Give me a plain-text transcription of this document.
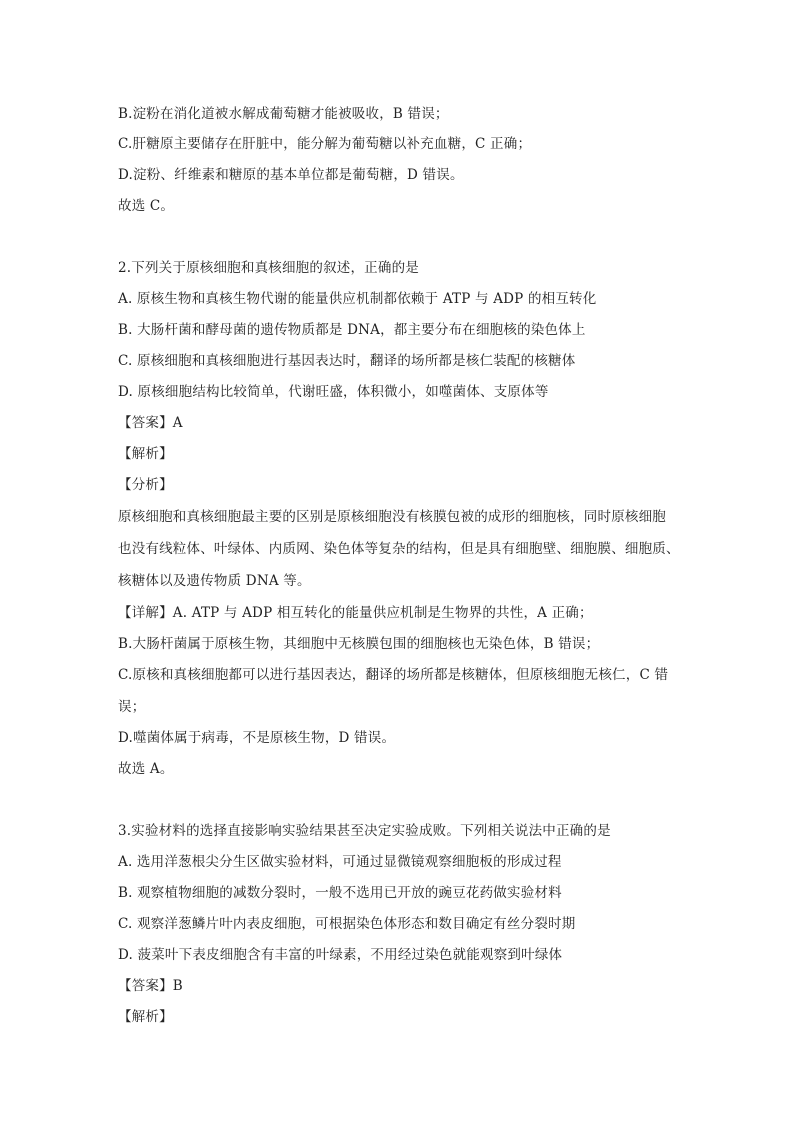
B.淀粉在消化道被水解成葡萄糖才能被吸收，B 错误；
C.肝糖原主要储存在肝脏中，能分解为葡萄糖以补充血糖，C 正确；
D.淀粉、纤维素和糖原的基本单位都是葡萄糖，D 错误。
故选 C。
2.下列关于原核细胞和真核细胞的叙述，正确的是
A. 原核生物和真核生物代谢的能量供应机制都依赖于 ATP 与 ADP 的相互转化
B. 大肠杆菌和酵母菌的遗传物质都是 DNA，都主要分布在细胞核的染色体上
C. 原核细胞和真核细胞进行基因表达时，翻译的场所都是核仁装配的核糖体
D. 原核细胞结构比较简单，代谢旺盛，体积微小，如噬菌体、支原体等
【答案】A
【解析】
【分析】
原核细胞和真核细胞最主要的区别是原核细胞没有核膜包被的成形的细胞核，同时原核细胞
也没有线粒体、叶绿体、内质网、染色体等复杂的结构，但是具有细胞壁、细胞膜、细胞质、
核糖体以及遗传物质 DNA 等。
【详解】A. ATP 与 ADP 相互转化的能量供应机制是生物界的共性，A 正确；
B.大肠杆菌属于原核生物，其细胞中无核膜包围的细胞核也无染色体，B 错误；
C.原核和真核细胞都可以进行基因表达，翻译的场所都是核糖体，但原核细胞无核仁，C 错
误；
D.噬菌体属于病毒，不是原核生物，D 错误。
故选 A。
3.实验材料的选择直接影响实验结果甚至决定实验成败。下列相关说法中正确的是
A. 选用洋葱根尖分生区做实验材料，可通过显微镜观察细胞板的形成过程
B. 观察植物细胞的减数分裂时，一般不选用已开放的豌豆花药做实验材料
C. 观察洋葱鳞片叶内表皮细胞，可根据染色体形态和数目确定有丝分裂时期
D. 菠菜叶下表皮细胞含有丰富的叶绿素，不用经过染色就能观察到叶绿体
【答案】B
【解析】
